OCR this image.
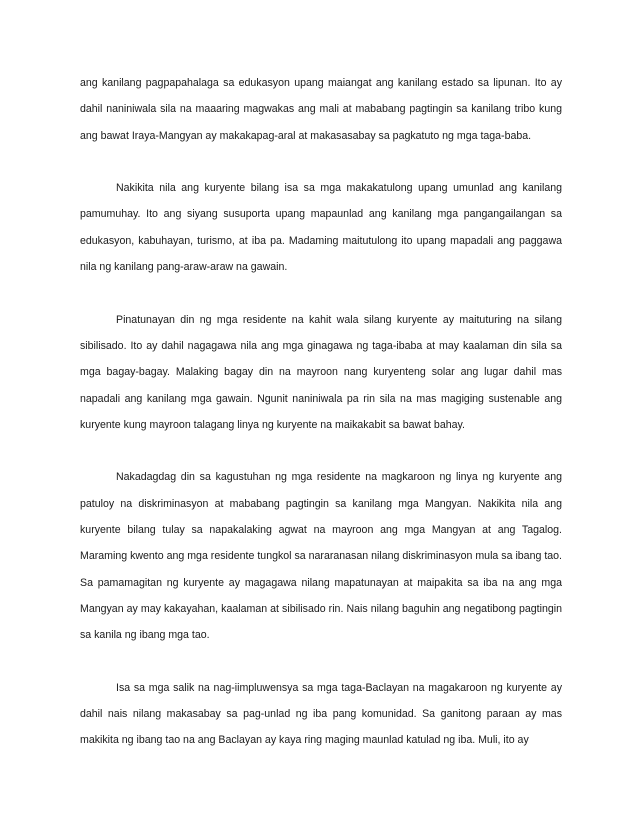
ang kanilang pagpapahalaga sa edukasyon upang maiangat ang kanilang estado sa lipunan. Ito ay dahil naniniwala sila na maaaring magwakas ang mali at mababang pagtingin sa kanilang tribo kung ang bawat Iraya-Mangyan ay makakapag-aral at makasasabay sa pagkatuto ng mga taga-baba.

Nakikita nila ang kuryente bilang isa sa mga makakatulong upang umunlad ang kanilang pamumuhay. Ito ang siyang susuporta upang mapaunlad ang kanilang mga pangangailangan sa edukasyon, kabuhayan, turismo, at iba pa. Madaming maitutulong ito upang mapadali ang paggawa nila ng kanilang pang-araw-araw na gawain.

Pinatunayan din ng mga residente na kahit wala silang kuryente ay maituturing na silang sibilisado. Ito ay dahil nagagawa nila ang mga ginagawa ng taga-ibaba at may kaalaman din sila sa mga bagay-bagay. Malaking bagay din na mayroon nang kuryenteng solar ang lugar dahil mas napadali ang kanilang mga gawain. Ngunit naniniwala pa rin sila na mas magiging sustenable ang kuryente kung mayroon talagang linya ng kuryente na maikakabit sa bawat bahay.

Nakadagdag din sa kagustuhan ng mga residente na magkaroon ng linya ng kuryente ang patuloy na diskriminasyon at mababang pagtingin sa kanilang mga Mangyan. Nakikita nila ang kuryente bilang tulay sa napakalaking agwat na mayroon ang mga Mangyan at ang Tagalog. Maraming kwento ang mga residente tungkol sa nararanasan nilang diskriminasyon mula sa ibang tao. Sa pamamagitan ng kuryente ay magagawa nilang mapatunayan at maipakita sa iba na ang mga Mangyan ay may kakayahan, kaalaman at sibilisado rin. Nais nilang baguhin ang negatibong pagtingin sa kanila ng ibang mga tao.

Isa sa mga salik na nag-iimpluwensya sa mga taga-Baclayan na magakaroon ng kuryente ay dahil nais nilang makasabay sa pag-unlad ng iba pang komunidad. Sa ganitong paraan ay mas makikita ng ibang tao na ang Baclayan ay kaya ring maging maunlad katulad ng iba. Muli, ito ay
